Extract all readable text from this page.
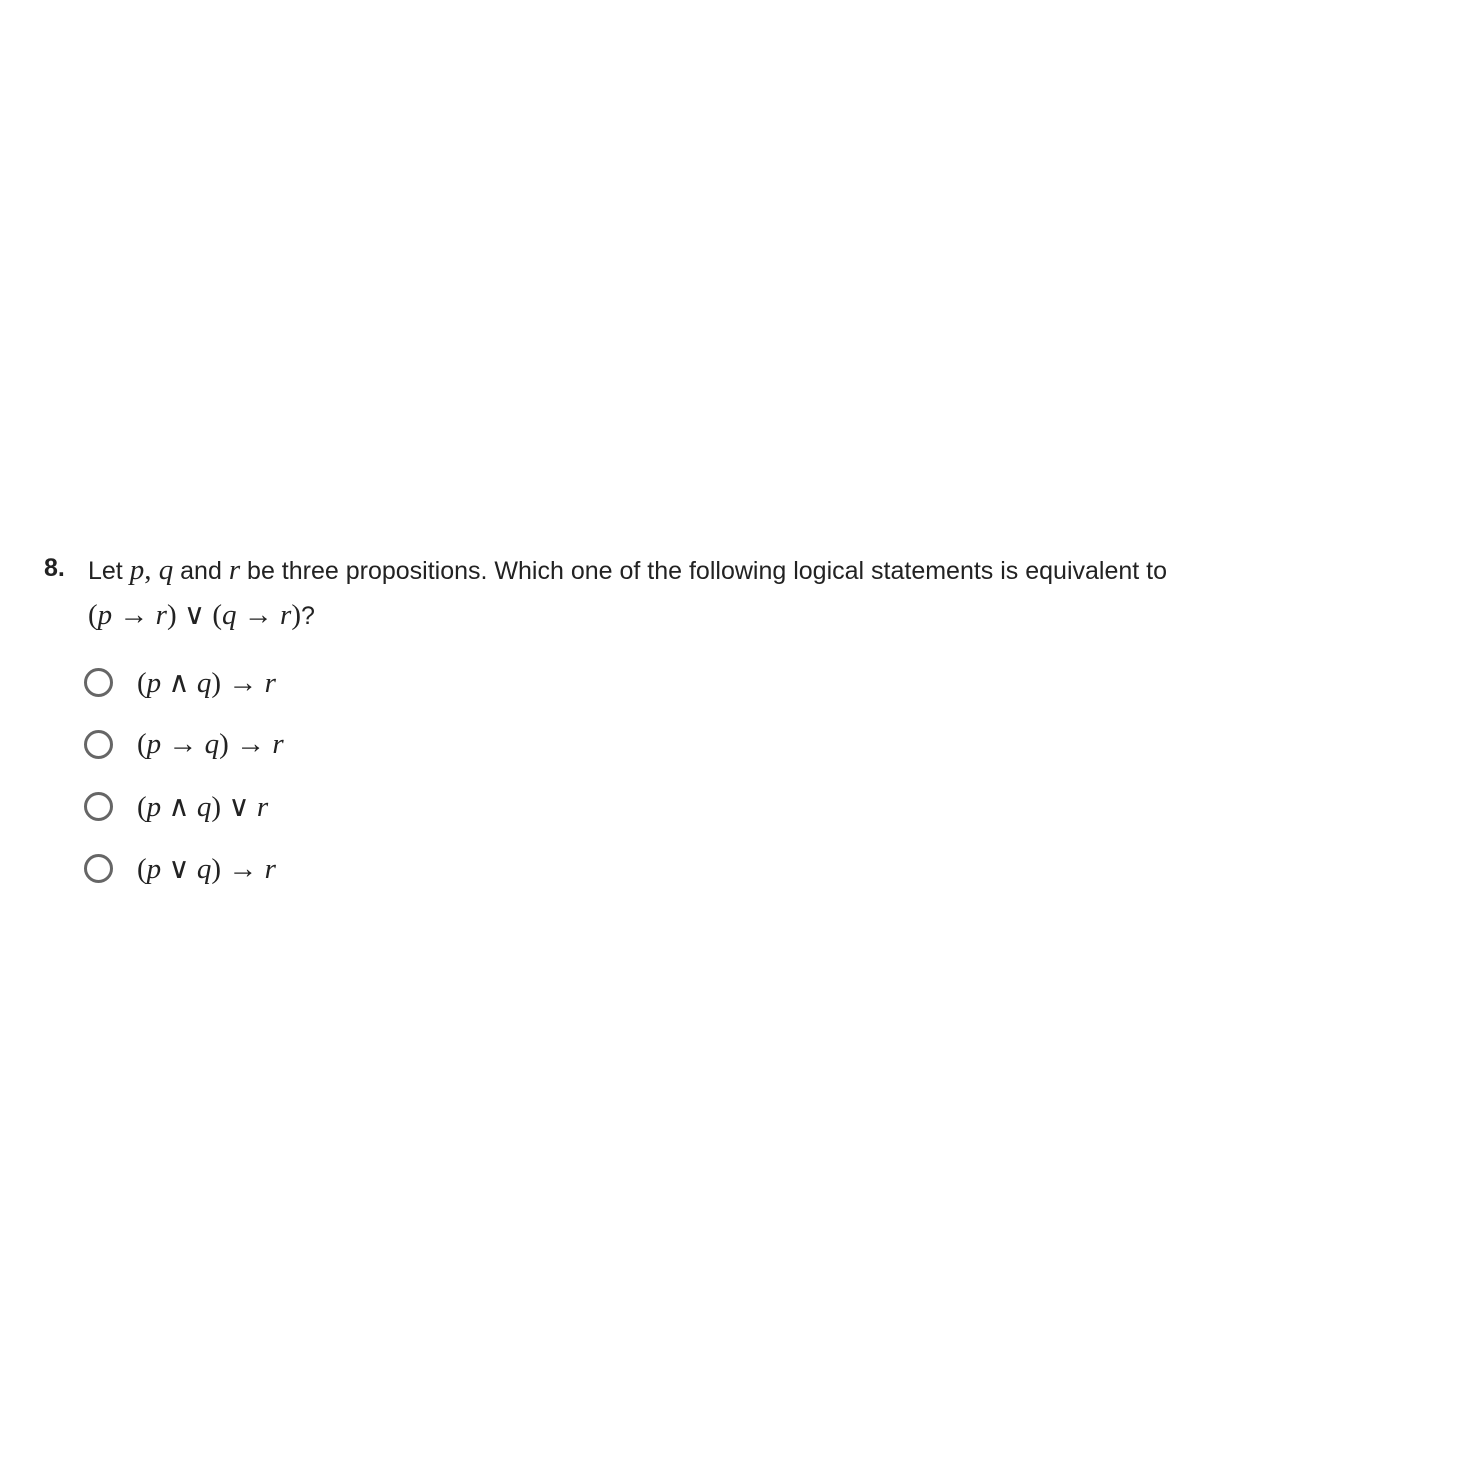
8. Let p, q and r be three propositions. Which one of the following logical statements is equivalent to
(p → r) ∨ (q → r)?
(p ∧ q) → r
(p → q) → r
(p ∧ q) ∨ r
(p ∨ q) → r
